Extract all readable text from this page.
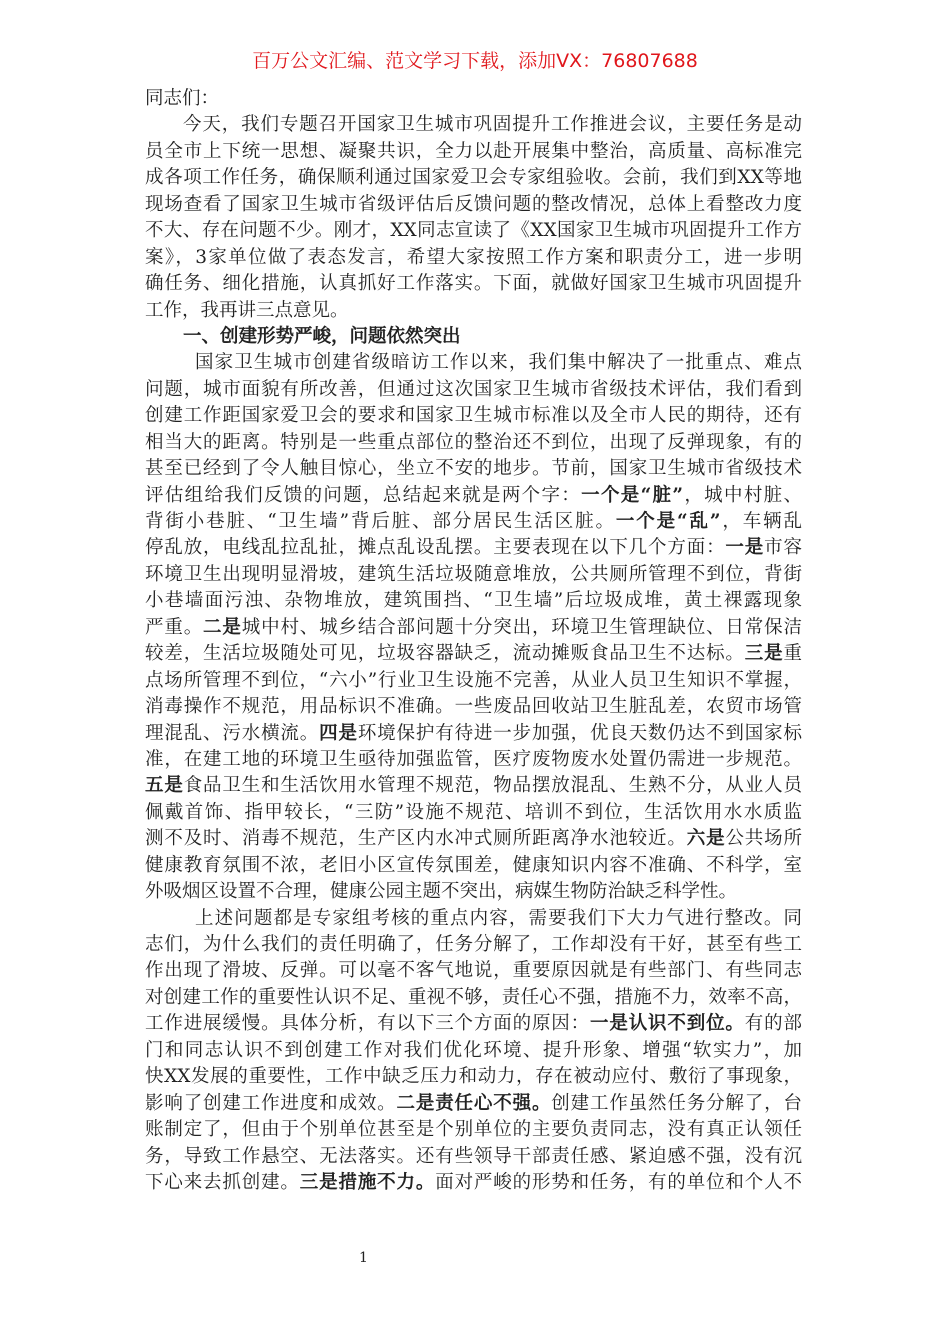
百万公文汇编、范文学习下载，添加VX：76807688
同志们：
今天，我们专题召开国家卫生城市巩固提升工作推进会议，主要任务是动
员全市上下统一思想、凝聚共识，全力以赴开展集中整治，高质量、高标准完
成各项工作任务，确保顺利通过国家爱卫会专家组验收。会前，我们到XX等地
现场查看了国家卫生城市省级评估后反馈问题的整改情况，总体上看整改力度
不大、存在问题不少。刚才，XX同志宣读了《XX国家卫生城市巩固提升工作方
案》，3家单位做了表态发言，希望大家按照工作方案和职责分工，进一步明
确任务、细化措施，认真抓好工作落实。下面，就做好国家卫生城市巩固提升
工作，我再讲三点意见。
一、创建形势严峻，问题依然突出
国家卫生城市创建省级暗访工作以来，我们集中解决了一批重点、难点
问题，城市面貌有所改善，但通过这次国家卫生城市省级技术评估，我们看到
创建工作距国家爱卫会的要求和国家卫生城市标准以及全市人民的期待，还有
相当大的距离。特别是一些重点部位的整治还不到位，出现了反弹现象，有的
甚至已经到了令人触目惊心，坐立不安的地步。节前，国家卫生城市省级技术
评估组给我们反馈的问题，总结起来就是两个字：一个是“脏”，城中村脏、
背街小巷脏、“卫生墙”背后脏、部分居民生活区脏。一个是“乱”，车辆乱
停乱放，电线乱拉乱扯，摊点乱设乱摆。主要表现在以下几个方面：一是市容
环境卫生出现明显滑坡，建筑生活垃圾随意堆放，公共厕所管理不到位，背街
小巷墙面污浊、杂物堆放，建筑围挡、“卫生墙”后垃圾成堆，黄土裸露现象
严重。二是城中村、城乡结合部问题十分突出，环境卫生管理缺位、日常保洁
较差，生活垃圾随处可见，垃圾容器缺乏，流动摊贩食品卫生不达标。三是重
点场所管理不到位，“六小”行业卫生设施不完善，从业人员卫生知识不掌握，
消毒操作不规范，用品标识不准确。一些废品回收站卫生脏乱差，农贸市场管
理混乱、污水横流。四是环境保护有待进一步加强，优良天数仍达不到国家标
准，在建工地的环境卫生亟待加强监管，医疗废物废水处置仍需进一步规范。
五是食品卫生和生活饮用水管理不规范，物品摆放混乱、生熟不分，从业人员
佩戴首饰、指甲较长，“三防”设施不规范、培训不到位，生活饮用水水质监
测不及时、消毒不规范，生产区内水冲式厕所距离净水池较近。六是公共场所
健康教育氛围不浓，老旧小区宣传氛围差，健康知识内容不准确、不科学，室
外吸烟区设置不合理，健康公园主题不突出，病媒生物防治缺乏科学性。
上述问题都是专家组考核的重点内容，需要我们下大力气进行整改。同
志们，为什么我们的责任明确了，任务分解了，工作却没有干好，甚至有些工
作出现了滑坡、反弹。可以毫不客气地说，重要原因就是有些部门、有些同志
对创建工作的重要性认识不足、重视不够，责任心不强，措施不力，效率不高，
工作进展缓慢。具体分析，有以下三个方面的原因：一是认识不到位。有的部
门和同志认识不到创建工作对我们优化环境、提升形象、增强“软实力”，加
快XX发展的重要性，工作中缺乏压力和动力，存在被动应付、敷衍了事现象，
影响了创建工作进度和成效。二是责任心不强。创建工作虽然任务分解了，台
账制定了，但由于个别单位甚至是个别单位的主要负责同志，没有真正认领任
务，导致工作悬空、无法落实。还有些领导干部责任感、紧迫感不强，没有沉
下心来去抓创建。三是措施不力。面对严峻的形势和任务，有的单位和个人不
1
